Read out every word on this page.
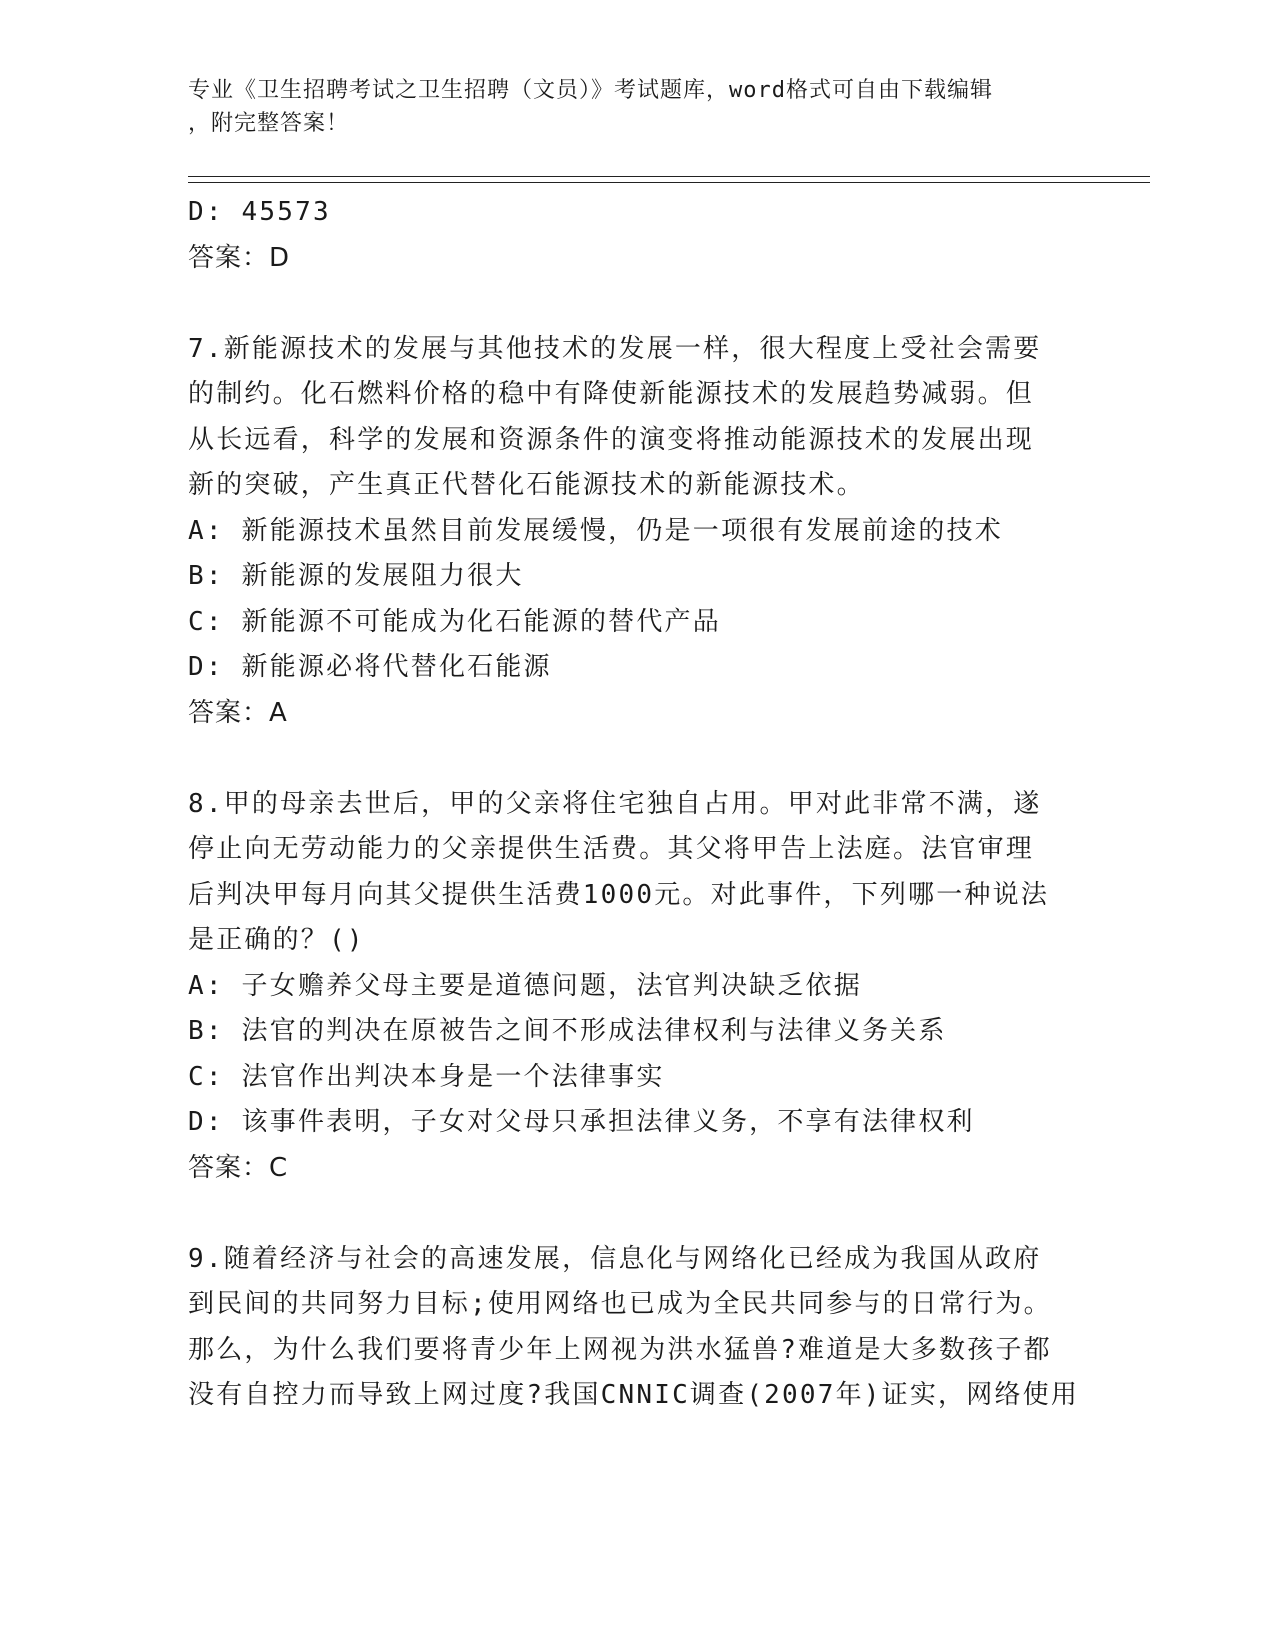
专业《卫生招聘考试之卫生招聘（文员）》考试题库，word格式可自由下载编辑
，附完整答案！
D: 45573
答案：D
7.新能源技术的发展与其他技术的发展一样，很大程度上受社会需要
的制约。化石燃料价格的稳中有降使新能源技术的发展趋势减弱。但
从长远看，科学的发展和资源条件的演变将推动能源技术的发展出现
新的突破，产生真正代替化石能源技术的新能源技术。
A: 新能源技术虽然目前发展缓慢，仍是一项很有发展前途的技术
B: 新能源的发展阻力很大
C: 新能源不可能成为化石能源的替代产品
D: 新能源必将代替化石能源
答案：A
8.甲的母亲去世后，甲的父亲将住宅独自占用。甲对此非常不满，遂
停止向无劳动能力的父亲提供生活费。其父将甲告上法庭。法官审理
后判决甲每月向其父提供生活费1000元。对此事件，下列哪一种说法
是正确的？()
A: 子女赡养父母主要是道德问题，法官判决缺乏依据
B: 法官的判决在原被告之间不形成法律权利与法律义务关系
C: 法官作出判决本身是一个法律事实
D: 该事件表明，子女对父母只承担法律义务，不享有法律权利
答案：C
9.随着经济与社会的高速发展，信息化与网络化已经成为我国从政府
到民间的共同努力目标;使用网络也已成为全民共同参与的日常行为。
那么，为什么我们要将青少年上网视为洪水猛兽?难道是大多数孩子都
没有自控力而导致上网过度?我国CNNIC调查(2007年)证实，网络使用
